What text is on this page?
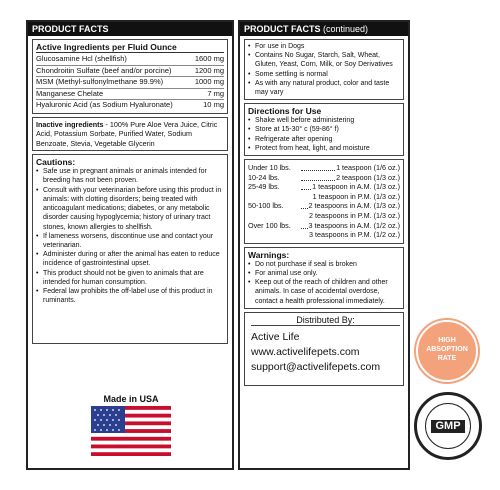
PRODUCT FACTS
Active Ingredients per Fluid Ounce
Glucosamine Hcl (shellfish)	1600 mg
Chondroitin Sulfate (beef and/or porcine)	1200 mg
MSM (Methyl-sulfonylmethane 99.9%)	1000 mg
Manganese Chelate	7 mg
Hyaluronic Acid (as Sodium Hyaluronate)	10 mg
Inactive ingredients - 100% Pure Aloe Vera Juice, Citric Acid, Potassium Sorbate, Purified Water, Sodium Benzoate, Stevia, Vegetable Glycerin
Cautions:
• Safe use in pregnant animals or animals intended for breeding has not been proven.
• Consult with your veterinarian before using this product in animals: with clotting disorders; being treated with anticoagulant medications; diabetes, or any metabolic disorder causing hypoglycemia; history of urinary tract stones, known allergies to shellfish.
• If lameness worsens, discontinue use and contact your veterinarian.
• Administer during or after the animal has eaten to reduce incidence of gastrointestinal upset.
• This product should not be given to animals that are intended for human consumption.
• Federal law prohibits the off-label use of this product in ruminants.
Made in USA
PRODUCT FACTS (continued)
• For use in Dogs
• Contains No Sugar, Starch, Salt, Wheat, Gluten, Yeast, Corn, Milk, or Soy Derivatives
• Some settling is normal
• As with any natural product, color and taste may vary
Directions for Use
• Shake well before administering
• Store at 15-30° c (59-86° f)
• Refrigerate after opening
• Protect from heat, light, and moisture
Under 10 lbs.	1 teaspoon (1/6 oz.)
10-24 lbs.	2 teaspoon (1/3 oz.)
25-49 lbs.	1 teaspoon in A.M. (1/3 oz.)
1 teaspoon in P.M. (1/3 oz.)
50-100 lbs.	2 teaspoons in A.M. (1/3 oz.)
2 teaspoons in P.M. (1/3 oz.)
Over 100 lbs.	3 teaspoons in A.M. (1/2 oz.)
3 teaspoons in P.M. (1/2 oz.)
Warnings:
• Do not purchase if seal is broken
• For animal use only.
• Keep out of the reach of children and other animals. In case of accidental overdose, contact a health professional immediately.
Distributed By:
Active Life
www.activelifepets.com
support@activelifepets.com
HIGH
ABSOPTION
RATE
GMP
